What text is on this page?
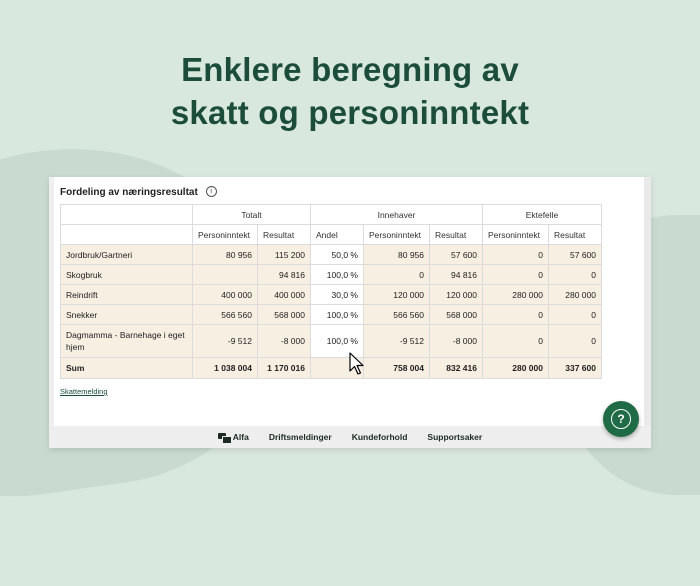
Enklere beregning av
skatt og personinntekt
Fordeling av næringsresultat i
	Totalt		Innehaver			Ektefelle	
	Personinntekt	Resultat	Andel	Personinntekt	Resultat	Personinntekt	Resultat
Jordbruk/Gartneri	80 956	115 200	50,0 %	80 956	57 600	0	57 600
Skogbruk		94 816	100,0 %	0	94 816	0	0
Reindrift	400 000	400 000	30,0 %	120 000	120 000	280 000	280 000
Snekker	566 560	568 000	100,0 %	566 560	568 000	0	0
Dagmamma - Barnehage i eget hjem	-9 512	-8 000	100,0 %	-9 512	-8 000	0	0
Sum	1 038 004	1 170 016		758 004	832 416	280 000	337 600
Skattemelding
Alfa Driftsmeldinger Kundeforhold Supportsaker
?
